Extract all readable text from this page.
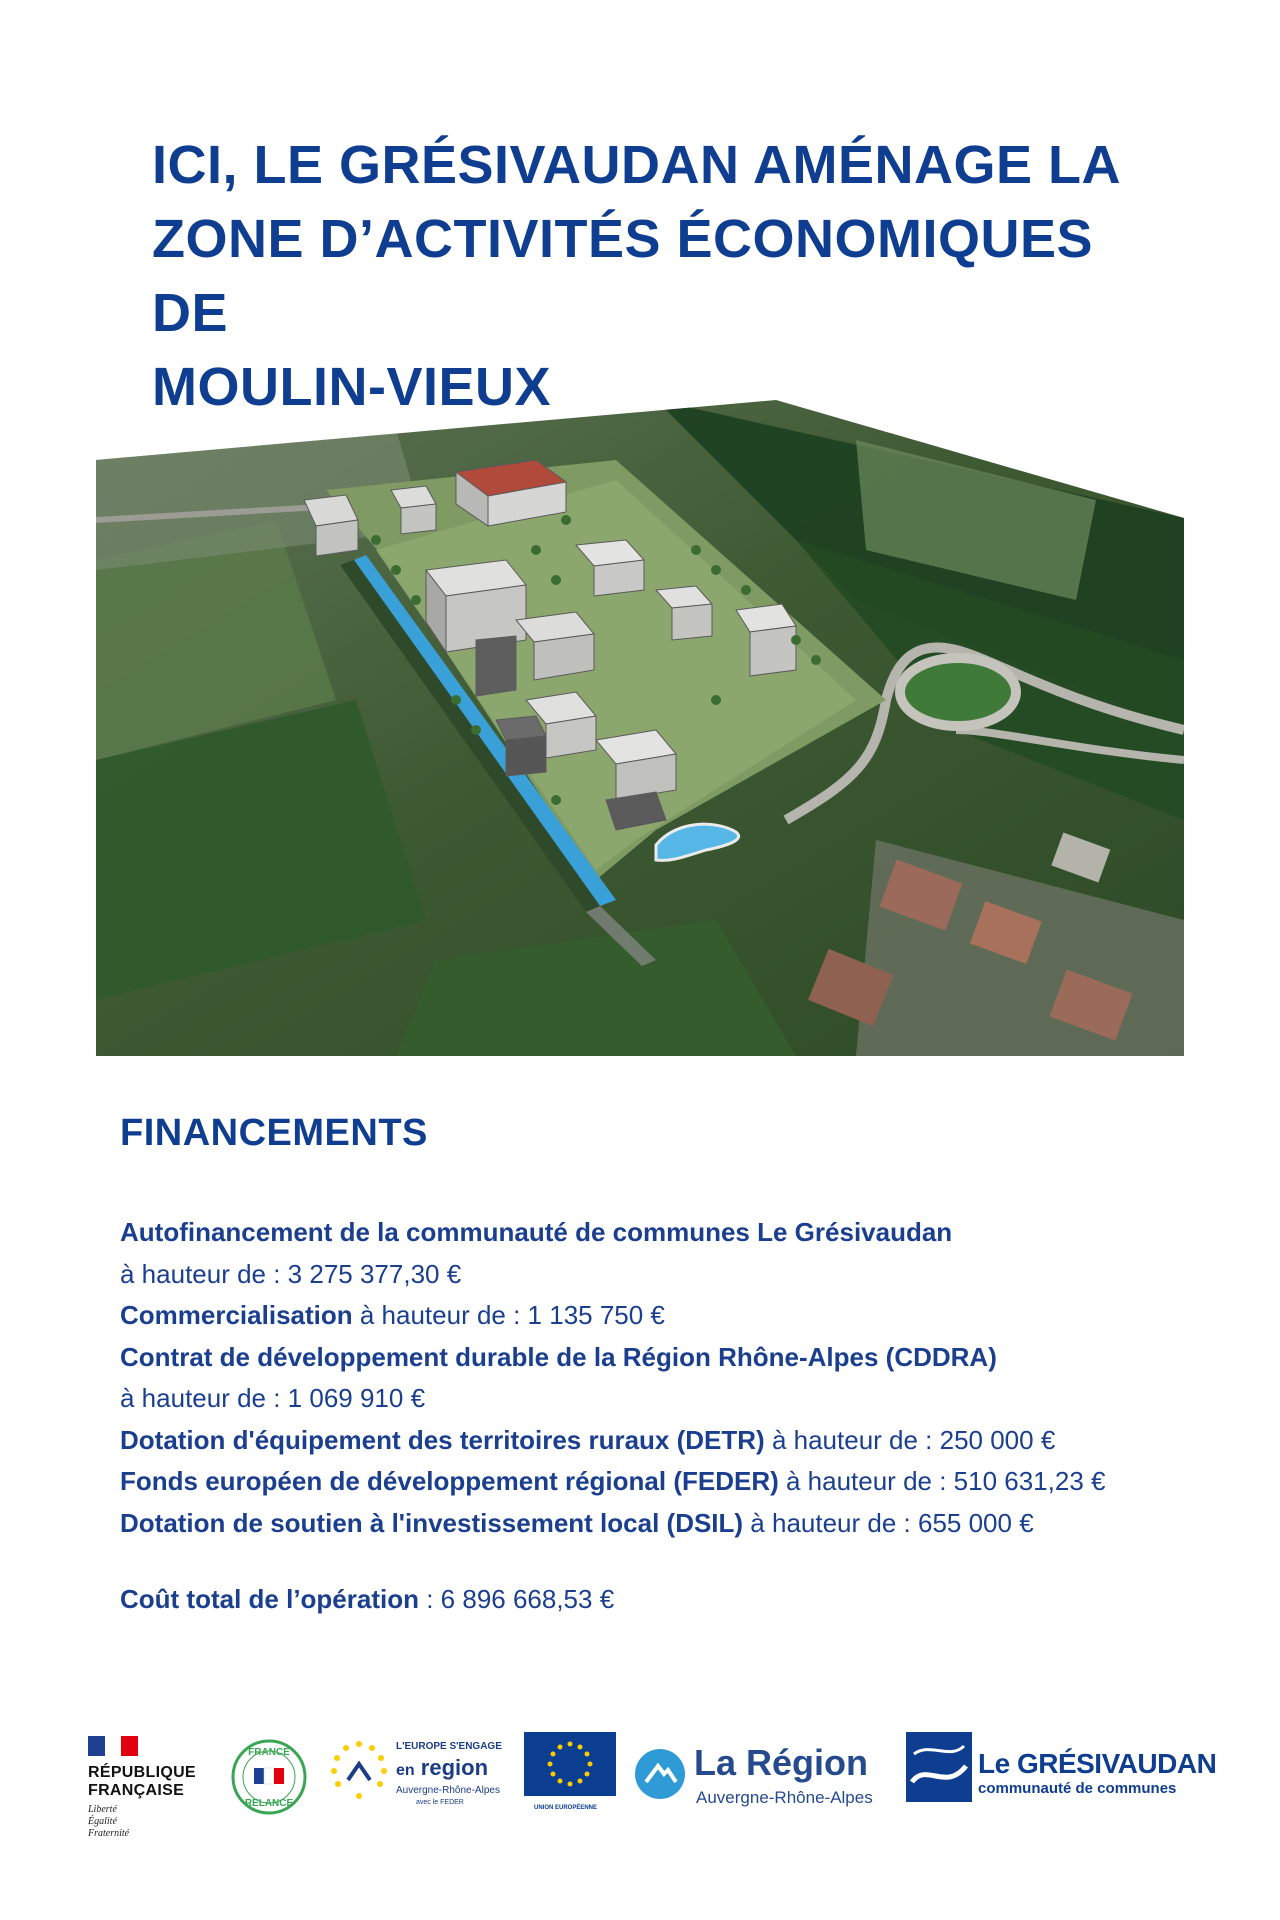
ICI, LE GRÉSIVAUDAN AMÉNAGE LA
ZONE D’ACTIVITÉS ÉCONOMIQUES DE
MOULIN-VIEUX
FINANCEMENTS

Autofinancement de la communauté de communes Le Grésivaudan

à hauteur de : 3 275 377,30 €

Commercialisation à hauteur de : 1 135 750 €

Contrat de développement durable de la Région Rhône-Alpes (CDDRA)

à hauteur de : 1 069 910 €

Dotation d'équipement des territoires ruraux (DETR) à hauteur de : 250 000 €

Fonds européen de développement régional (FEDER) à hauteur de : 510 631,23 €

Dotation de soutien à l'investissement local (DSIL) à hauteur de : 655 000 €

Coût total de l’opération : 6 896 668,53 €
RÉPUBLIQUE
FRANÇAISE
Liberté
Égalité
Fraternité
FRANCE
RELANCE
L'EUROPE S'ENGAGE
en region
Auvergne-Rhône-Alpes
avec le FEDER
UNION EUROPÉENNE
La Région
Auvergne-Rhône-Alpes
Le GRÉSIVAUDAN
communauté de communes
